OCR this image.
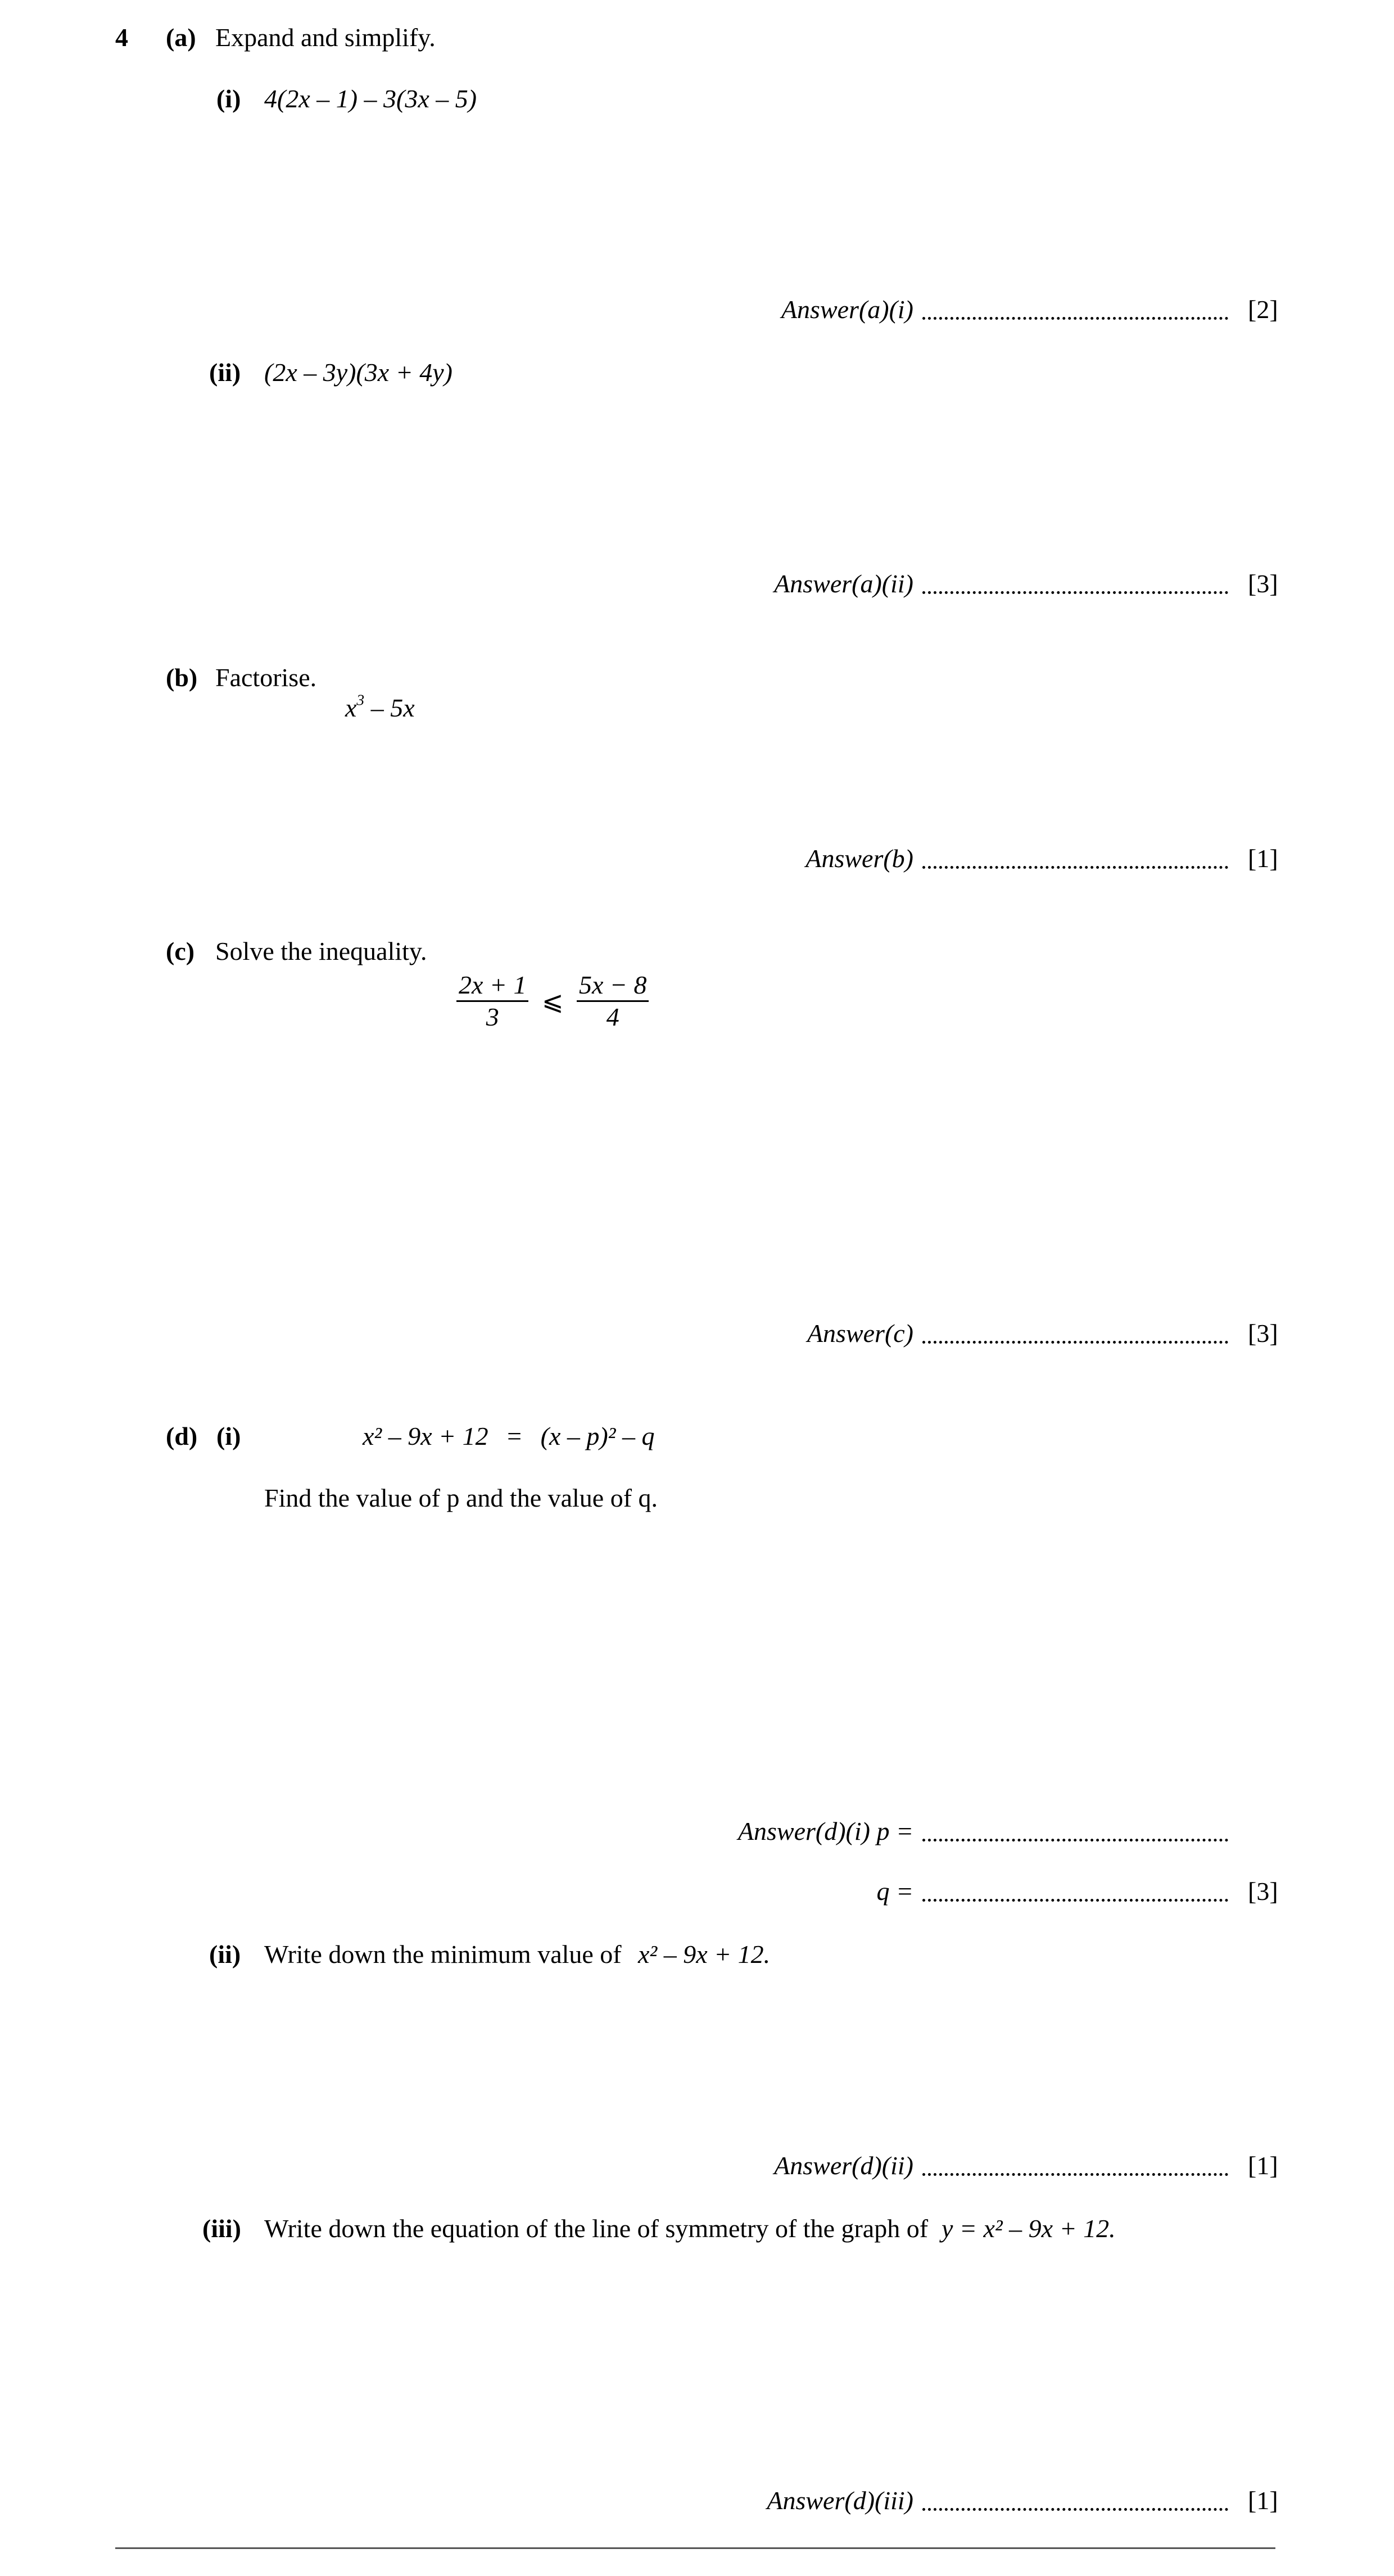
4 (a) Expand and simplify.
(i) 4(2x – 1) – 3(3x – 5)
Answer(a)(i)	[2]
(ii) (2x – 3y)(3x + 4y)
Answer(a)(ii)	[3]
(b) Factorise.
$x^3 - 5x$
Answer(b)	[1]
(c) Solve the inequality.
$\frac{2x + 1}{3}$ ⩽ $\frac{5x - 8}{4}$
Answer(c)	[3]
(d) (i)	x² – 9x + 12 = (x – p)² – q
Find the value of p and the value of q.
Answer(d)(i) p =
q =	[3]
(ii) Write down the minimum value of x² – 9x + 12.
Answer(d)(ii)	[1]
(iii) Write down the equation of the line of symmetry of the graph of y = x² – 9x + 12.
Answer(d)(iii)	[1]
